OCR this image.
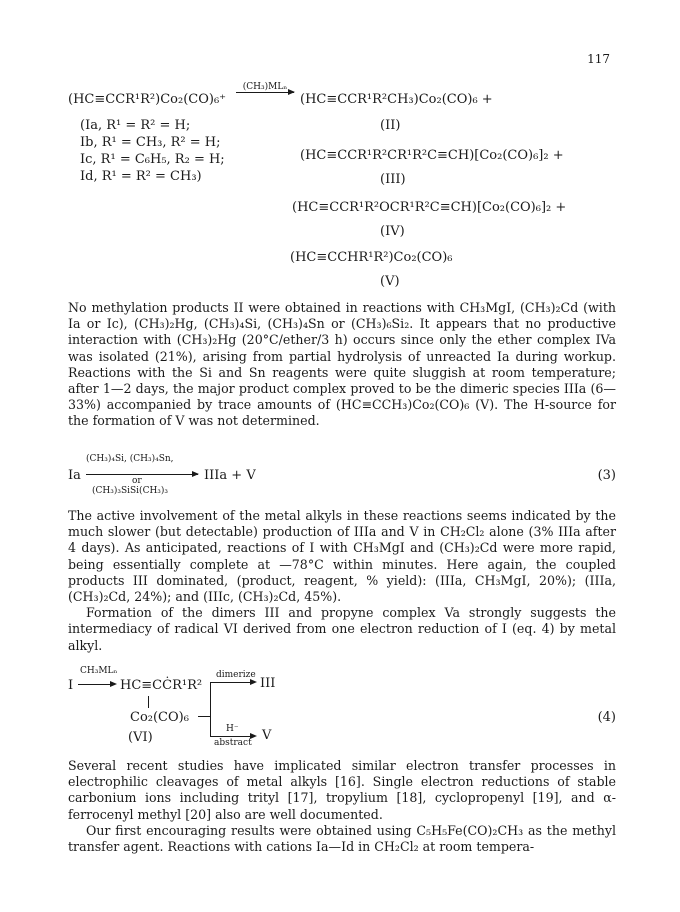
117
(HC≡CCR¹R²)Co₂(CO)₆⁺
(CH₃)MLₙ
(HC≡CCR¹R²CH₃)Co₂(CO)₆ +
(Ia, R¹ = R² = H;
Ib, R¹ = CH₃, R² = H;
Ic, R¹ = C₆H₅, R₂ = H;
Id, R¹ = R² = CH₃)
(II)
(HC≡CCR¹R²CR¹R²C≡CH)[Co₂(CO)₆]₂ +
(III)
(HC≡CCR¹R²OCR¹R²C≡CH)[Co₂(CO)₆]₂ +
(IV)
(HC≡CCHR¹R²)Co₂(CO)₆
(V)

No methylation products II were obtained in reactions with CH₃MgI, (CH₃)₂Cd (with Ia or Ic), (CH₃)₂Hg, (CH₃)₄Si, (CH₃)₄Sn or (CH₃)₆Si₂. It appears that no productive interaction with (CH₃)₂Hg (20°C/ether/3 h) occurs since only the ether complex IVa was isolated (21%), arising from partial hydrolysis of unreacted Ia during workup. Reactions with the Si and Sn reagents were quite sluggish at room temperature; after 1—2 days, the major product complex proved to be the dimeric species IIIa (6—33%) accompanied by trace amounts of (HC≡CCH₃)Co₂(CO)₆ (V). The H-source for the formation of V was not determined.

Ia
(CH₃)₄Si, (CH₃)₄Sn,
or
(CH₃)₃SiSi(CH₃)₃
IIIa + V	(3)

The active involvement of the metal alkyls in these reactions seems indicated by the much slower (but detectable) production of IIIa and V in CH₂Cl₂ alone (3% IIIa after 4 days). As anticipated, reactions of I with CH₃MgI and (CH₃)₂Cd were more rapid, being essentially complete at —78°C within minutes. Here again, the coupled products III dominated, (product, reagent, % yield): (IIIa, CH₃MgI, 20%); (IIIa, (CH₃)₂Cd, 24%); and (IIIc, (CH₃)₂Cd, 45%).

Formation of the dimers III and propyne complex Va strongly suggests the intermediacy of radical VI derived from one electron reduction of I (eq. 4) by metal alkyl.

I
CH₃MLₙ
HC≡CĊR¹R²
Co₂(CO)₆
dimerize
III
H⁻
abstract V
(VI)
(4)

Several recent studies have implicated similar electron transfer processes in electrophilic cleavages of metal alkyls [16]. Single electron reductions of stable carbonium ions including trityl [17], tropylium [18], cyclopropenyl [19], and α-ferrocenyl methyl [20] also are well documented.

Our first encouraging results were obtained using C₅H₅Fe(CO)₂CH₃ as the methyl transfer agent. Reactions with cations Ia—Id in CH₂Cl₂ at room tempera-
